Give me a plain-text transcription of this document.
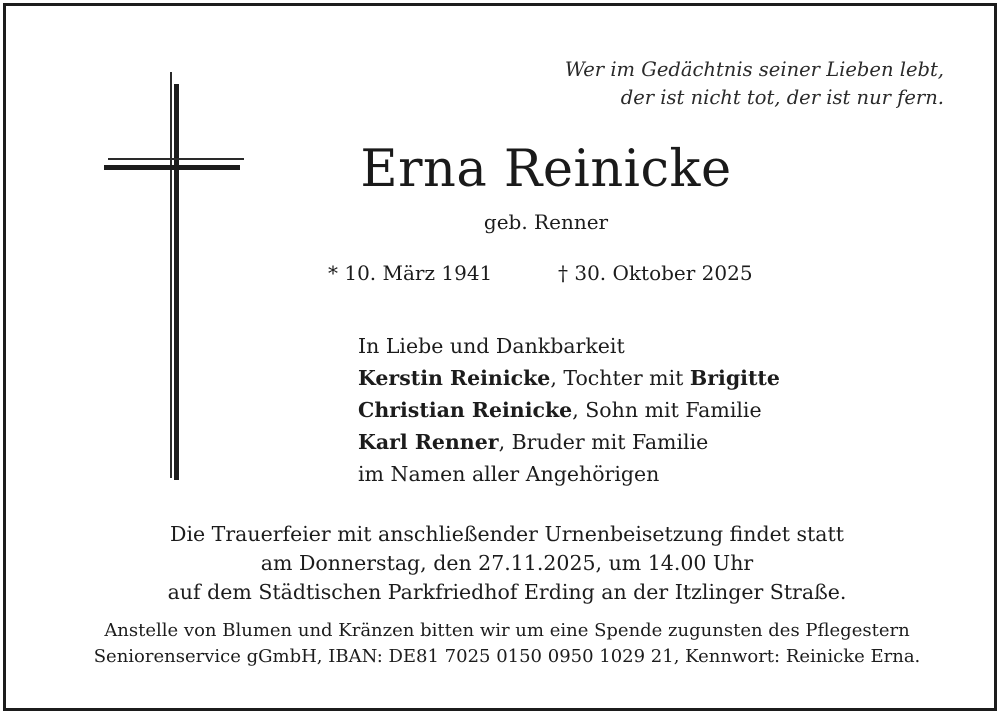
Wer im Gedächtnis seiner Lieben lebt,
der ist nicht tot, der ist nur fern.
Erna Reinicke
geb. Renner
* 10. März 1941	† 30. Oktober 2025
In Liebe und Dankbarkeit
Kerstin Reinicke, Tochter mit Brigitte
Christian Reinicke, Sohn mit Familie
Karl Renner, Bruder mit Familie
im Namen aller Angehörigen
Die Trauerfeier mit anschließender Urnenbeisetzung findet statt
am Donnerstag, den 27.11.2025, um 14.00 Uhr
auf dem Städtischen Parkfriedhof Erding an der Itzlinger Straße.
Anstelle von Blumen und Kränzen bitten wir um eine Spende zugunsten des Pflegestern
Seniorenservice gGmbH, IBAN: DE81 7025 0150 0950 1029 21, Kennwort: Reinicke Erna.
